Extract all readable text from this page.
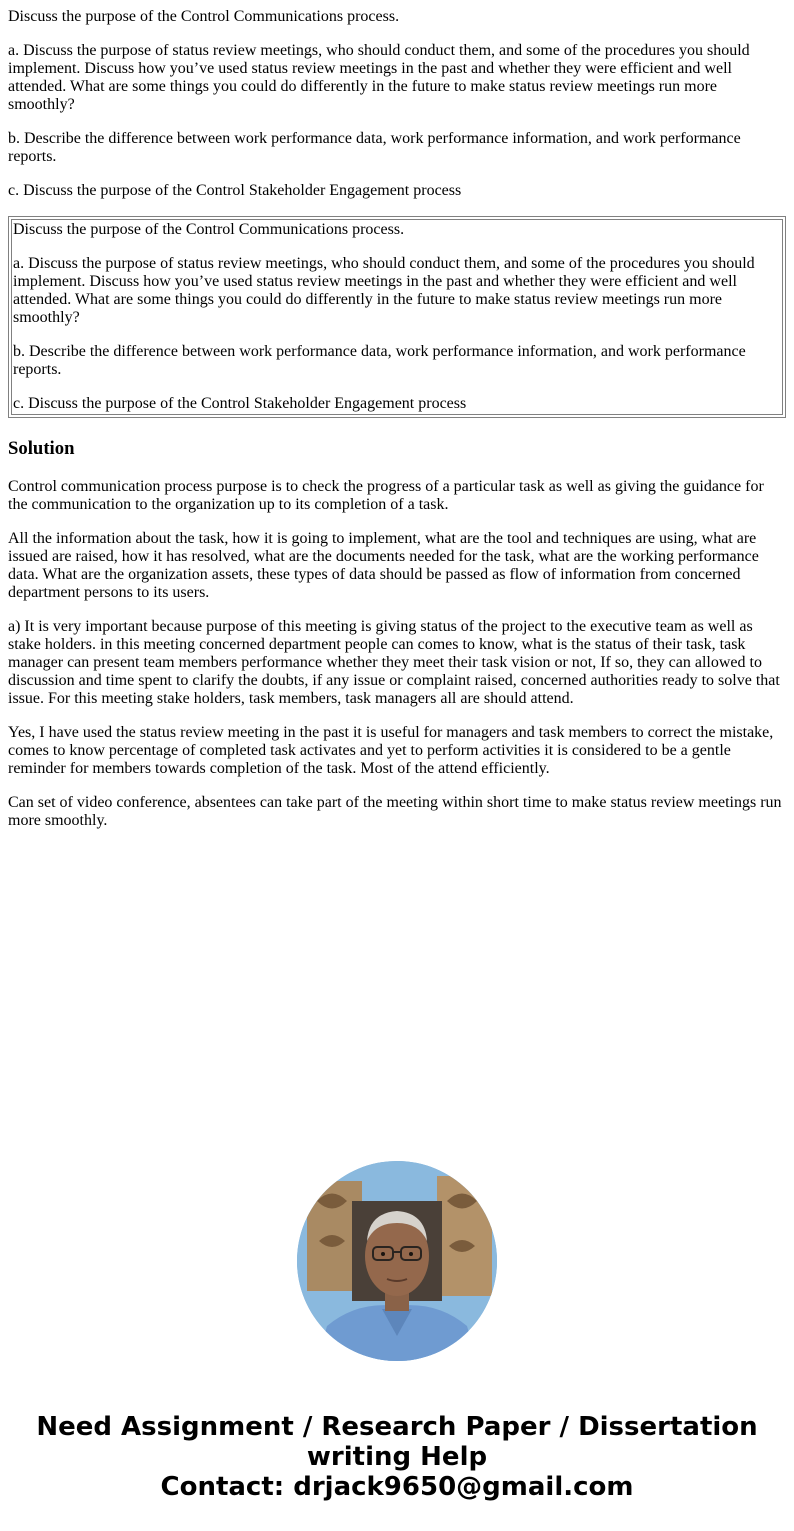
Discuss the purpose of the Control Communications process.

a. Discuss the purpose of status review meetings, who should conduct them, and some of the procedures you should implement. Discuss how you’ve used status review meetings in the past and whether they were efficient and well attended. What are some things you could do differently in the future to make status review meetings run more smoothly?

b. Describe the difference between work performance data, work performance information, and work performance reports.

c. Discuss the purpose of the Control Stakeholder Engagement process

Discuss the purpose of the Control Communications process.

a. Discuss the purpose of status review meetings, who should conduct them, and some of the procedures you should implement. Discuss how you’ve used status review meetings in the past and whether they were efficient and well attended. What are some things you could do differently in the future to make status review meetings run more smoothly?

b. Describe the difference between work performance data, work performance information, and work performance reports.

c. Discuss the purpose of the Control Stakeholder Engagement process

Solution

Control communication process purpose is to check the progress of a particular task as well as giving the guidance for the communication to the organization up to its completion of a task.

All the information about the task, how it is going to implement, what are the tool and techniques are using, what are issued are raised, how it has resolved, what are the documents needed for the task, what are the working performance data. What are the organization assets, these types of data should be passed as flow of information from concerned department persons to its users.

a) It is very important because purpose of this meeting is giving status of the project to the executive team as well as stake holders. in this meeting concerned department people can comes to know, what is the status of their task, task manager can present team members performance whether they meet their task vision or not, If so, they can allowed to discussion and time spent to clarify the doubts, if any issue or complaint raised, concerned authorities ready to solve that issue. For this meeting stake holders, task members, task managers all are should attend.

Yes, I have used the status review meeting in the past it is useful for managers and task members to correct the mistake, comes to know percentage of completed task activates and yet to perform activities it is considered to be a gentle reminder for members towards completion of the task. Most of the attend efficiently.

Can set of video conference, absentees can take part of the meeting within short time to make status review meetings run more smoothly.

Need Assignment / Research Paper / Dissertation
writing Help
Contact: drjack9650@gmail.com
